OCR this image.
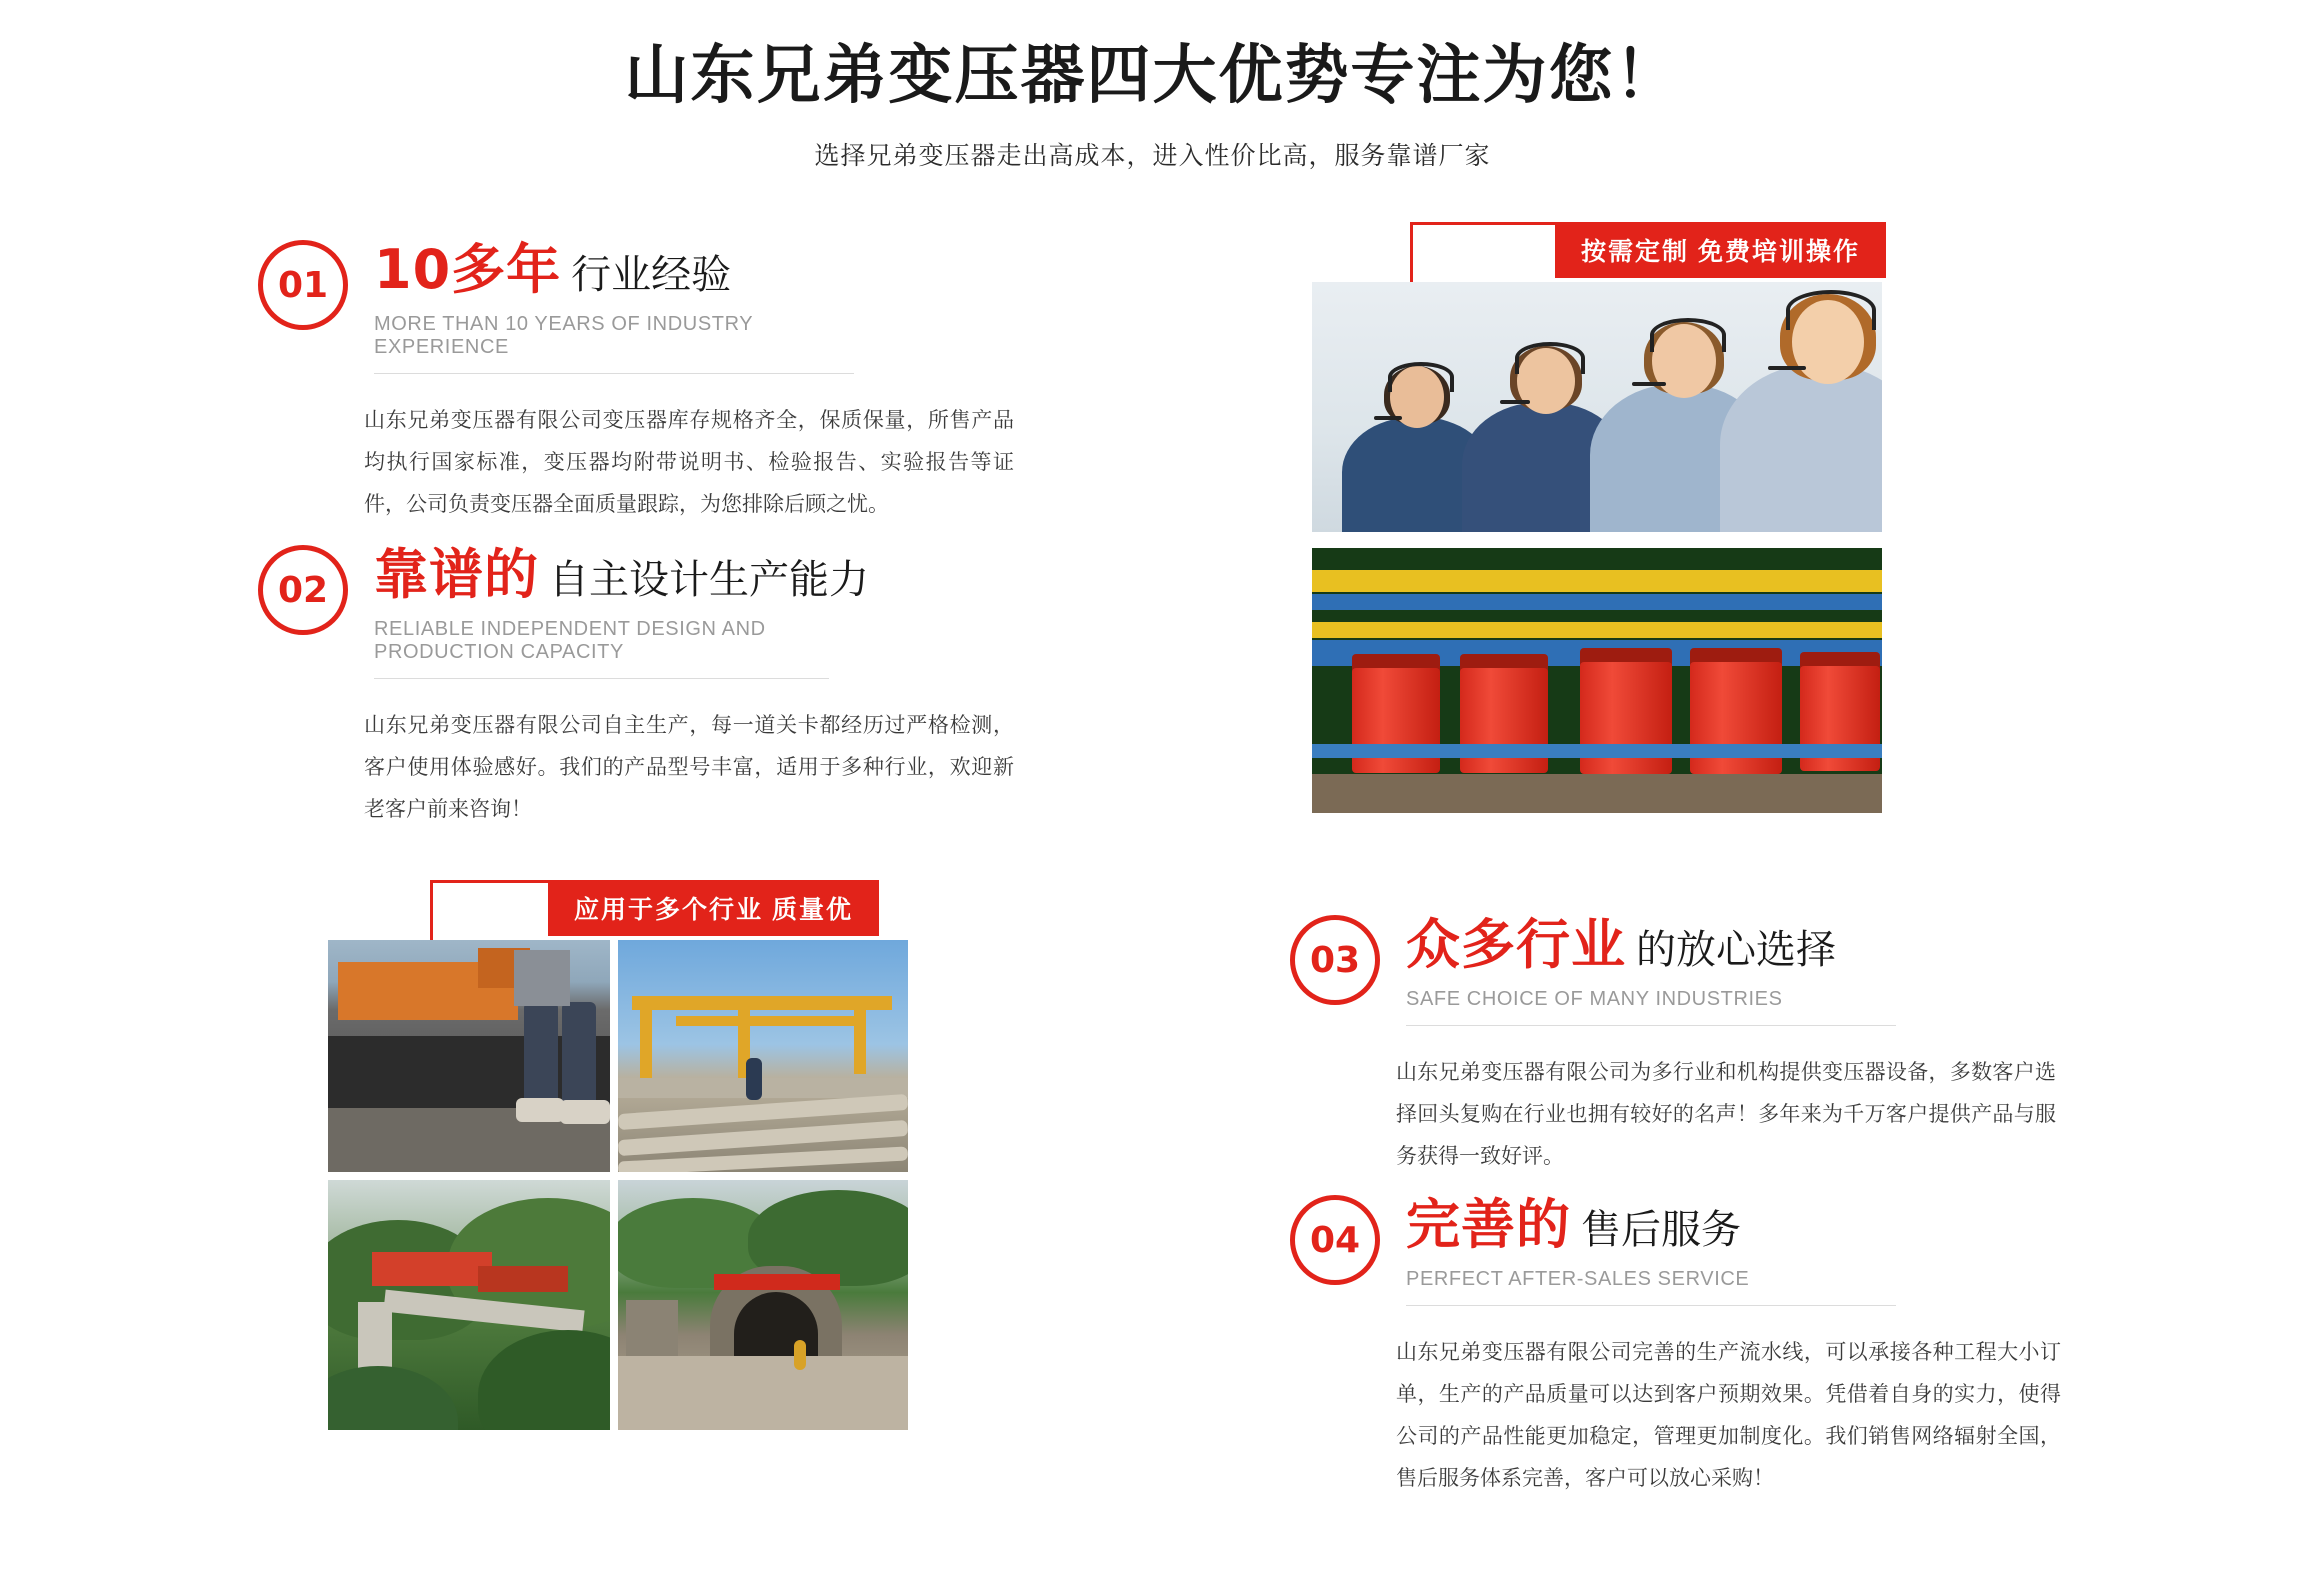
山东兄弟变压器四大优势专注为您！
选择兄弟变压器走出高成本，进入性价比高，服务靠谱厂家
01 10多年 行业经验
MORE THAN 10 YEARS OF INDUSTRY EXPERIENCE
山东兄弟变压器有限公司变压器库存规格齐全，保质保量，所售产品均执行国家标准，变压器均附带说明书、检验报告、实验报告等证件，公司负责变压器全面质量跟踪，为您排除后顾之忧。
02 靠谱的 自主设计生产能力
RELIABLE INDEPENDENT DESIGN AND PRODUCTION CAPACITY
山东兄弟变压器有限公司自主生产，每一道关卡都经历过严格检测，客户使用体验感好。我们的产品型号丰富，适用于多种行业，欢迎新老客户前来咨询！
03 众多行业 的放心选择
SAFE CHOICE OF MANY INDUSTRIES
山东兄弟变压器有限公司为多行业和机构提供变压器设备，多数客户选择回头复购在行业也拥有较好的名声！多年来为千万客户提供产品与服务获得一致好评。
04 完善的 售后服务
PERFECT AFTER-SALES SERVICE
山东兄弟变压器有限公司完善的生产流水线，可以承接各种工程大小订单，生产的产品质量可以达到客户预期效果。凭借着自身的实力，使得公司的产品性能更加稳定，管理更加制度化。我们销售网络辐射全国，售后服务体系完善，客户可以放心采购！
按需定制 免费培训操作
应用于多个行业 质量优
